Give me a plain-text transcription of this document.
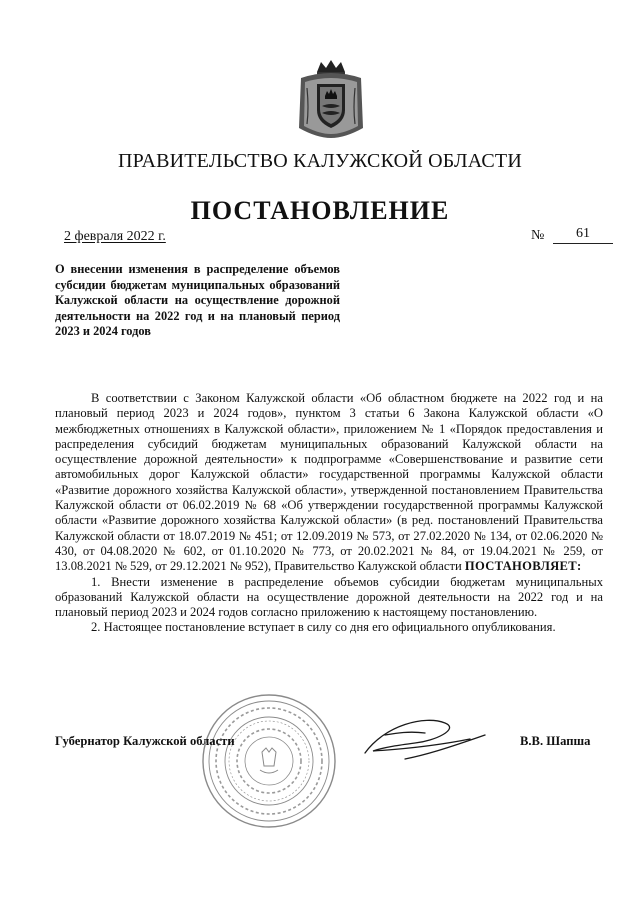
ПРАВИТЕЛЬСТВО КАЛУЖСКОЙ ОБЛАСТИ
ПОСТАНОВЛЕНИЕ
2 февраля 2022 г.	№	61
О внесении изменения в распределение объемов субсидии бюджетам муниципальных образований Калужской области на осуществление дорожной деятельности на 2022 год и на плановый период 2023 и 2024 годов

В соответствии с Законом Калужской области «Об областном бюджете на 2022 год и на плановый период 2023 и 2024 годов», пунктом 3 статьи 6 Закона Калужской области «О межбюджетных отношениях в Калужской области», приложением № 1 «Порядок предоставления и распределения субсидий бюджетам муниципальных образований Калужской области на осуществление дорожной деятельности» к подпрограмме «Совершенствование и развитие сети автомобильных дорог Калужской области» государственной программы Калужской области «Развитие дорожного хозяйства Калужской области», утвержденной постановлением Правительства Калужской области от 06.02.2019 № 68 «Об утверждении государственной программы Калужской области «Развитие дорожного хозяйства Калужской области» (в ред. постановлений Правительства Калужской области от 18.07.2019 № 451; от 12.09.2019 № 573, от 27.02.2020 № 134, от 02.06.2020 № 430, от 04.08.2020 № 602, от 01.10.2020 № 773, от 20.02.2021 № 84, от 19.04.2021 № 259, от 13.08.2021 № 529, от 29.12.2021 № 952), Правительство Калужской области ПОСТАНОВЛЯЕТ:

1. Внести изменение в распределение объемов субсидии бюджетам муниципальных образований Калужской области на осуществление дорожной деятельности на 2022 год и на плановый период 2023 и 2024 годов согласно приложению к настоящему постановлению.

2. Настоящее постановление вступает в силу со дня его официального опубликования.

Губернатор Калужской области	В.В. Шапша
